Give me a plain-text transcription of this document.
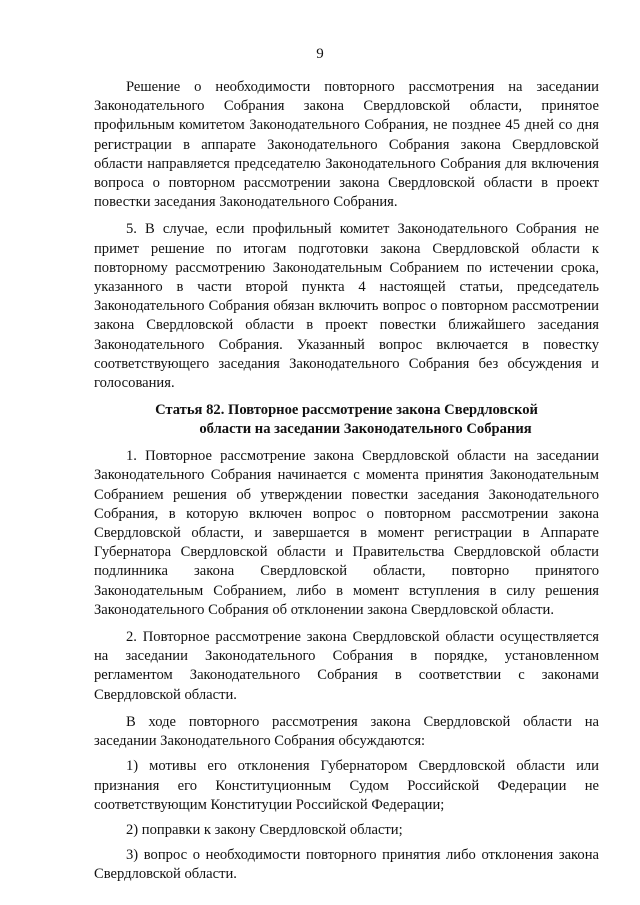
9

Решение о необходимости повторного рассмотрения на заседании Законодательного Собрания закона Свердловской области, принятое профильным комитетом Законодательного Собрания, не позднее 45 дней со дня регистрации в аппарате Законодательного Собрания закона Свердловской области направляется председателю Законодательного Собрания для включения вопроса о повторном рассмотрении закона Свердловской области в проект повестки заседания Законодательного Собрания.

5. В случае, если профильный комитет Законодательного Собрания не примет решение по итогам подготовки закона Свердловской области к повторному рассмотрению Законодательным Собранием по истечении срока, указанного в части второй пункта 4 настоящей статьи, председатель Законодательного Собрания обязан включить вопрос о повторном рассмотрении закона Свердловской области в проект повестки ближайшего заседания Законодательного Собрания. Указанный вопрос включается в повестку соответствующего заседания Законодательного Собрания без обсуждения и голосования.

Статья 82. Повторное рассмотрение закона Свердловской
области на заседании Законодательного Собрания

1. Повторное рассмотрение закона Свердловской области на заседании Законодательного Собрания начинается с момента принятия Законодательным Собранием решения об утверждении повестки заседания Законодательного Собрания, в которую включен вопрос о повторном рассмотрении закона Свердловской области, и завершается в момент регистрации в Аппарате Губернатора Свердловской области и Правительства Свердловской области подлинника закона Свердловской области, повторно принятого Законодательным Собранием, либо в момент вступления в силу решения Законодательного Собрания об отклонении закона Свердловской области.

2. Повторное рассмотрение закона Свердловской области осуществляется на заседании Законодательного Собрания в порядке, установленном регламентом Законодательного Собрания в соответствии с законами Свердловской области.

В ходе повторного рассмотрения закона Свердловской области на заседании Законодательного Собрания обсуждаются:

1) мотивы его отклонения Губернатором Свердловской области или признания его Конституционным Судом Российской Федерации не соответствующим Конституции Российской Федерации;

2) поправки к закону Свердловской области;

3) вопрос о необходимости повторного принятия либо отклонения закона Свердловской области.
